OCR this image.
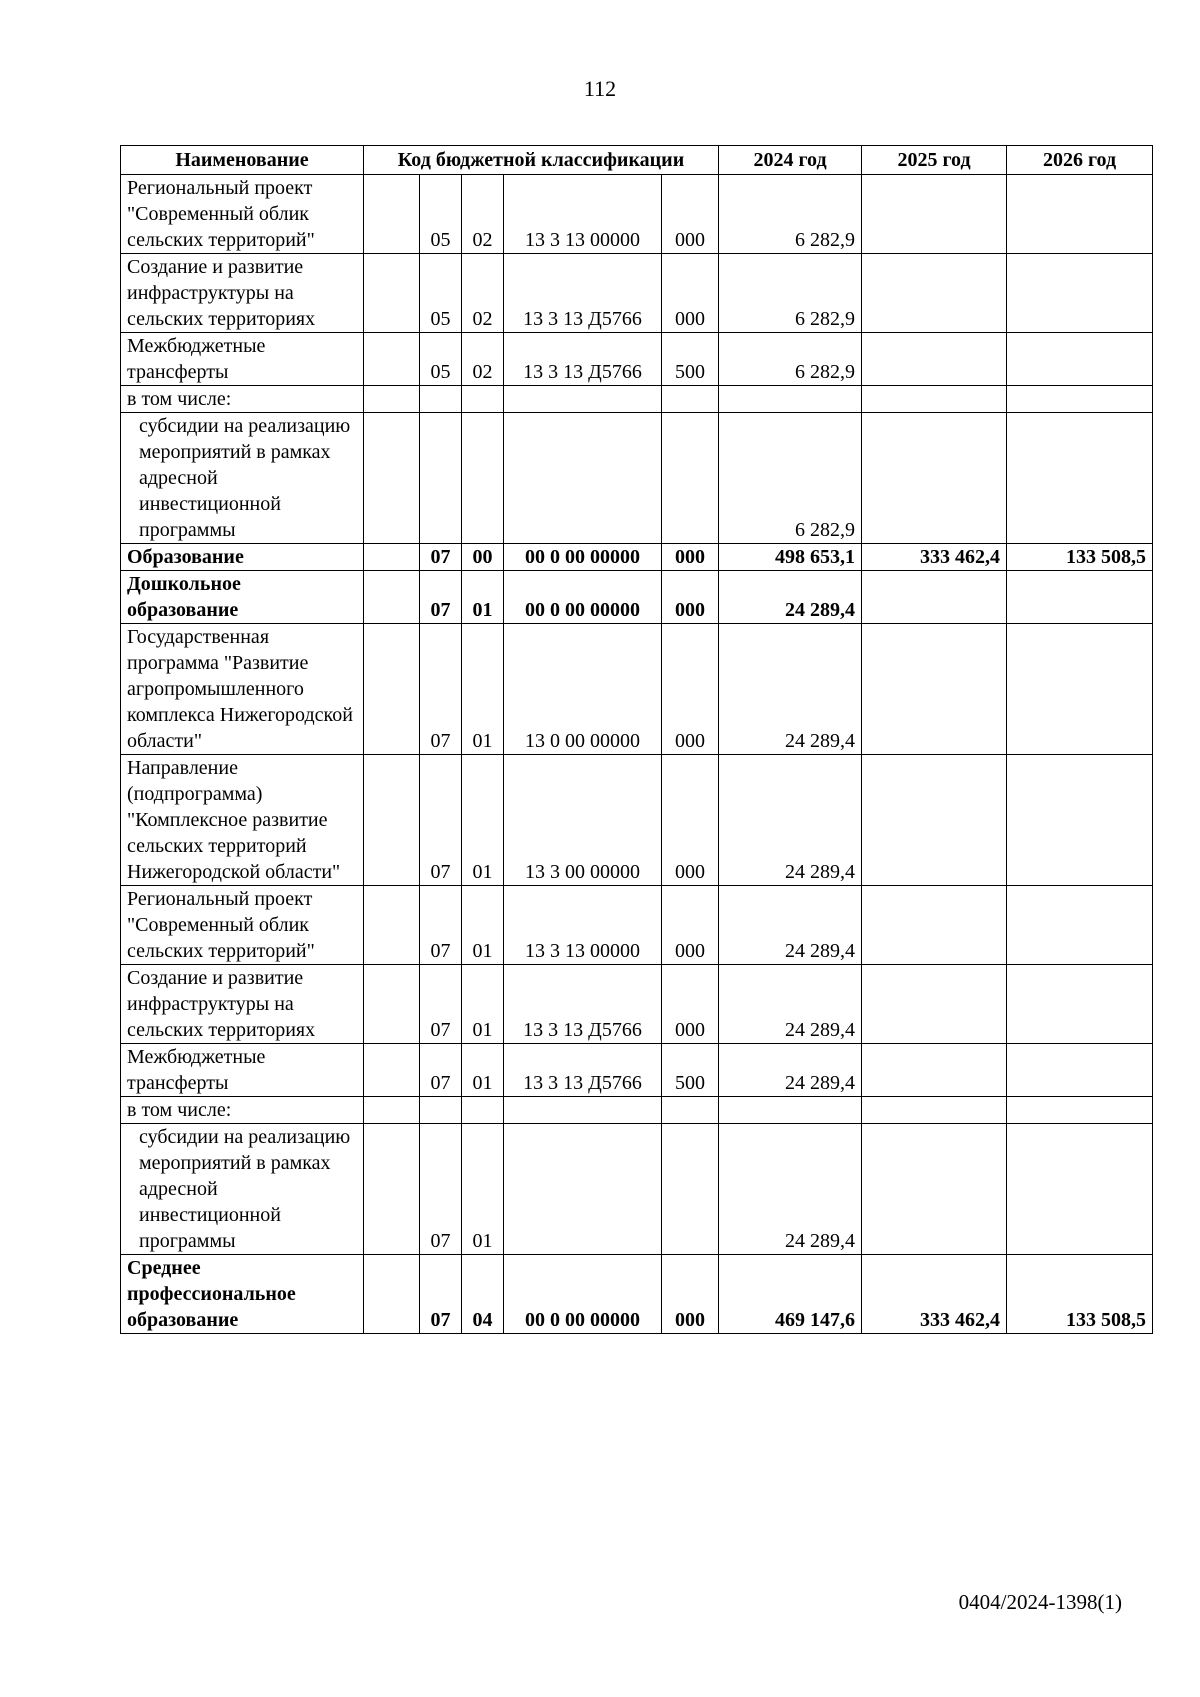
112
Наименование	Код бюджетной классификации					2024 год	2025 год	2026 год
Региональный проект "Современный облик сельских территорий"		05	02	13 3 13 00000	000	6 282,9		
Создание и развитие инфраструктуры на сельских территориях		05	02	13 3 13 Д5766	000	6 282,9		
Межбюджетные трансферты		05	02	13 3 13 Д5766	500	6 282,9		
в том числе:								
субсидии на реализацию мероприятий в рамках адресной инвестиционной программы						6 282,9		
Образование		07	00	00 0 00 00000	000	498 653,1	333 462,4	133 508,5
Дошкольное образование		07	01	00 0 00 00000	000	24 289,4		
Государственная программа "Развитие агропромышленного комплекса Нижегородской области"		07	01	13 0 00 00000	000	24 289,4		
Направление (подпрограмма) "Комплексное развитие сельских территорий Нижегородской области"		07	01	13 3 00 00000	000	24 289,4		
Региональный проект "Современный облик сельских территорий"		07	01	13 3 13 00000	000	24 289,4		
Создание и развитие инфраструктуры на сельских территориях		07	01	13 3 13 Д5766	000	24 289,4		
Межбюджетные трансферты		07	01	13 3 13 Д5766	500	24 289,4		
в том числе:								
субсидии на реализацию мероприятий в рамках адресной инвестиционной программы		07	01			24 289,4		
Среднее профессиональное образование		07	04	00 0 00 00000	000	469 147,6	333 462,4	133 508,5
0404/2024-1398(1)
